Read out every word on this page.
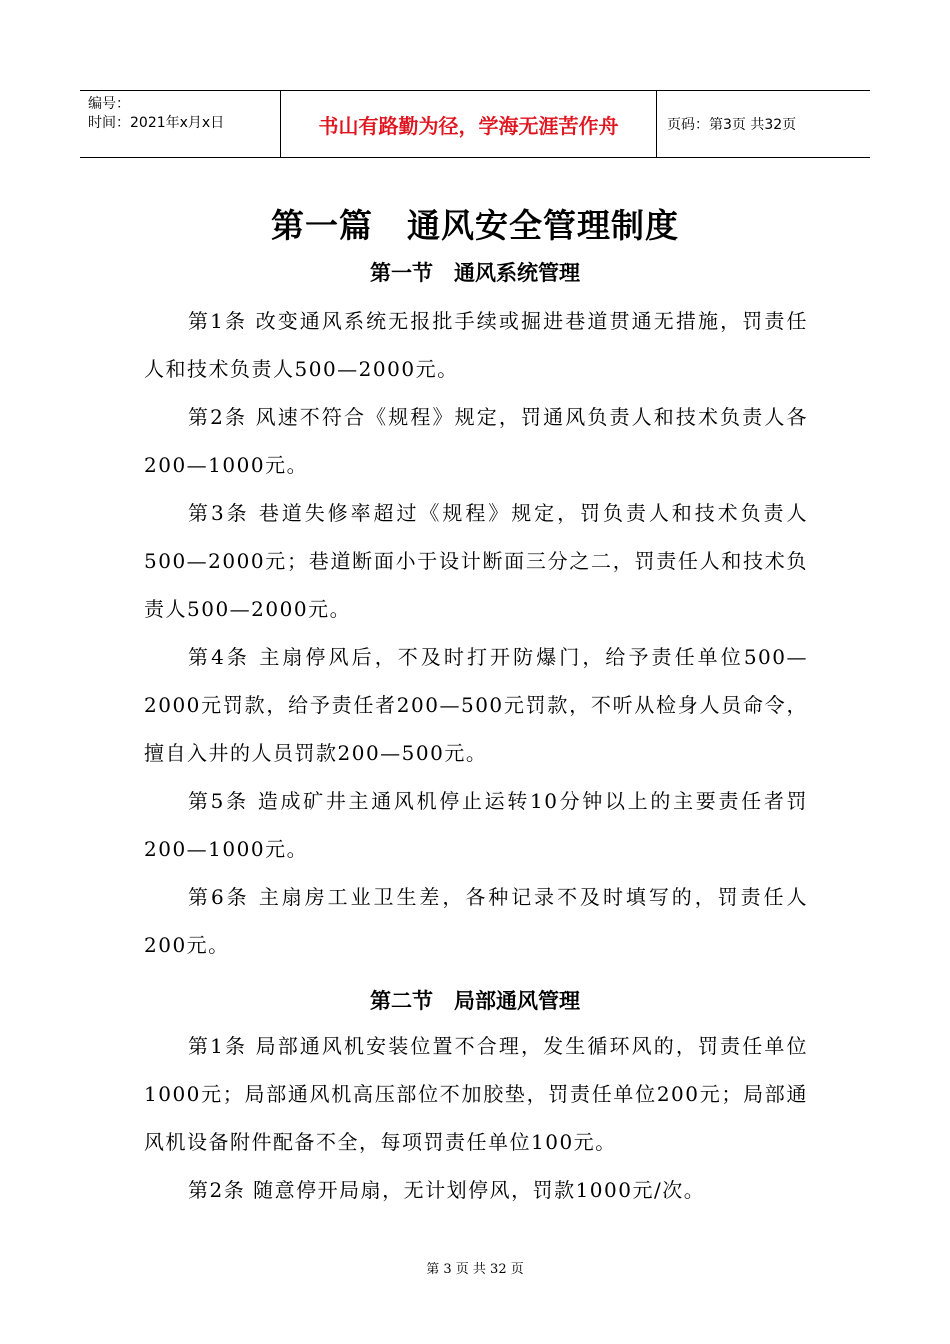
编号：
时间：2021年x月x日	书山有路勤为径，学海无涯苦作舟	页码：第3页 共32页
第一篇　通风安全管理制度
第一节　通风系统管理
第1条 改变通风系统无报批手续或掘进巷道贯通无措施，罚责任人和技术负责人500—2000元。
第2条 风速不符合《规程》规定，罚通风负责人和技术负责人各200—1000元。
第3条 巷道失修率超过《规程》规定，罚负责人和技术负责人500—2000元；巷道断面小于设计断面三分之二，罚责任人和技术负责人500—2000元。
第4条 主扇停风后，不及时打开防爆门，给予责任单位500—2000元罚款，给予责任者200—500元罚款，不听从检身人员命令，擅自入井的人员罚款200—500元。
第5条 造成矿井主通风机停止运转10分钟以上的主要责任者罚200—1000元。
第6条 主扇房工业卫生差，各种记录不及时填写的，罚责任人200元。
第二节　局部通风管理
第1条 局部通风机安装位置不合理，发生循环风的，罚责任单位1000元；局部通风机高压部位不加胶垫，罚责任单位200元；局部通风机设备附件配备不全，每项罚责任单位100元。
第2条 随意停开局扇，无计划停风，罚款1000元/次。
第 3 页 共 32 页
